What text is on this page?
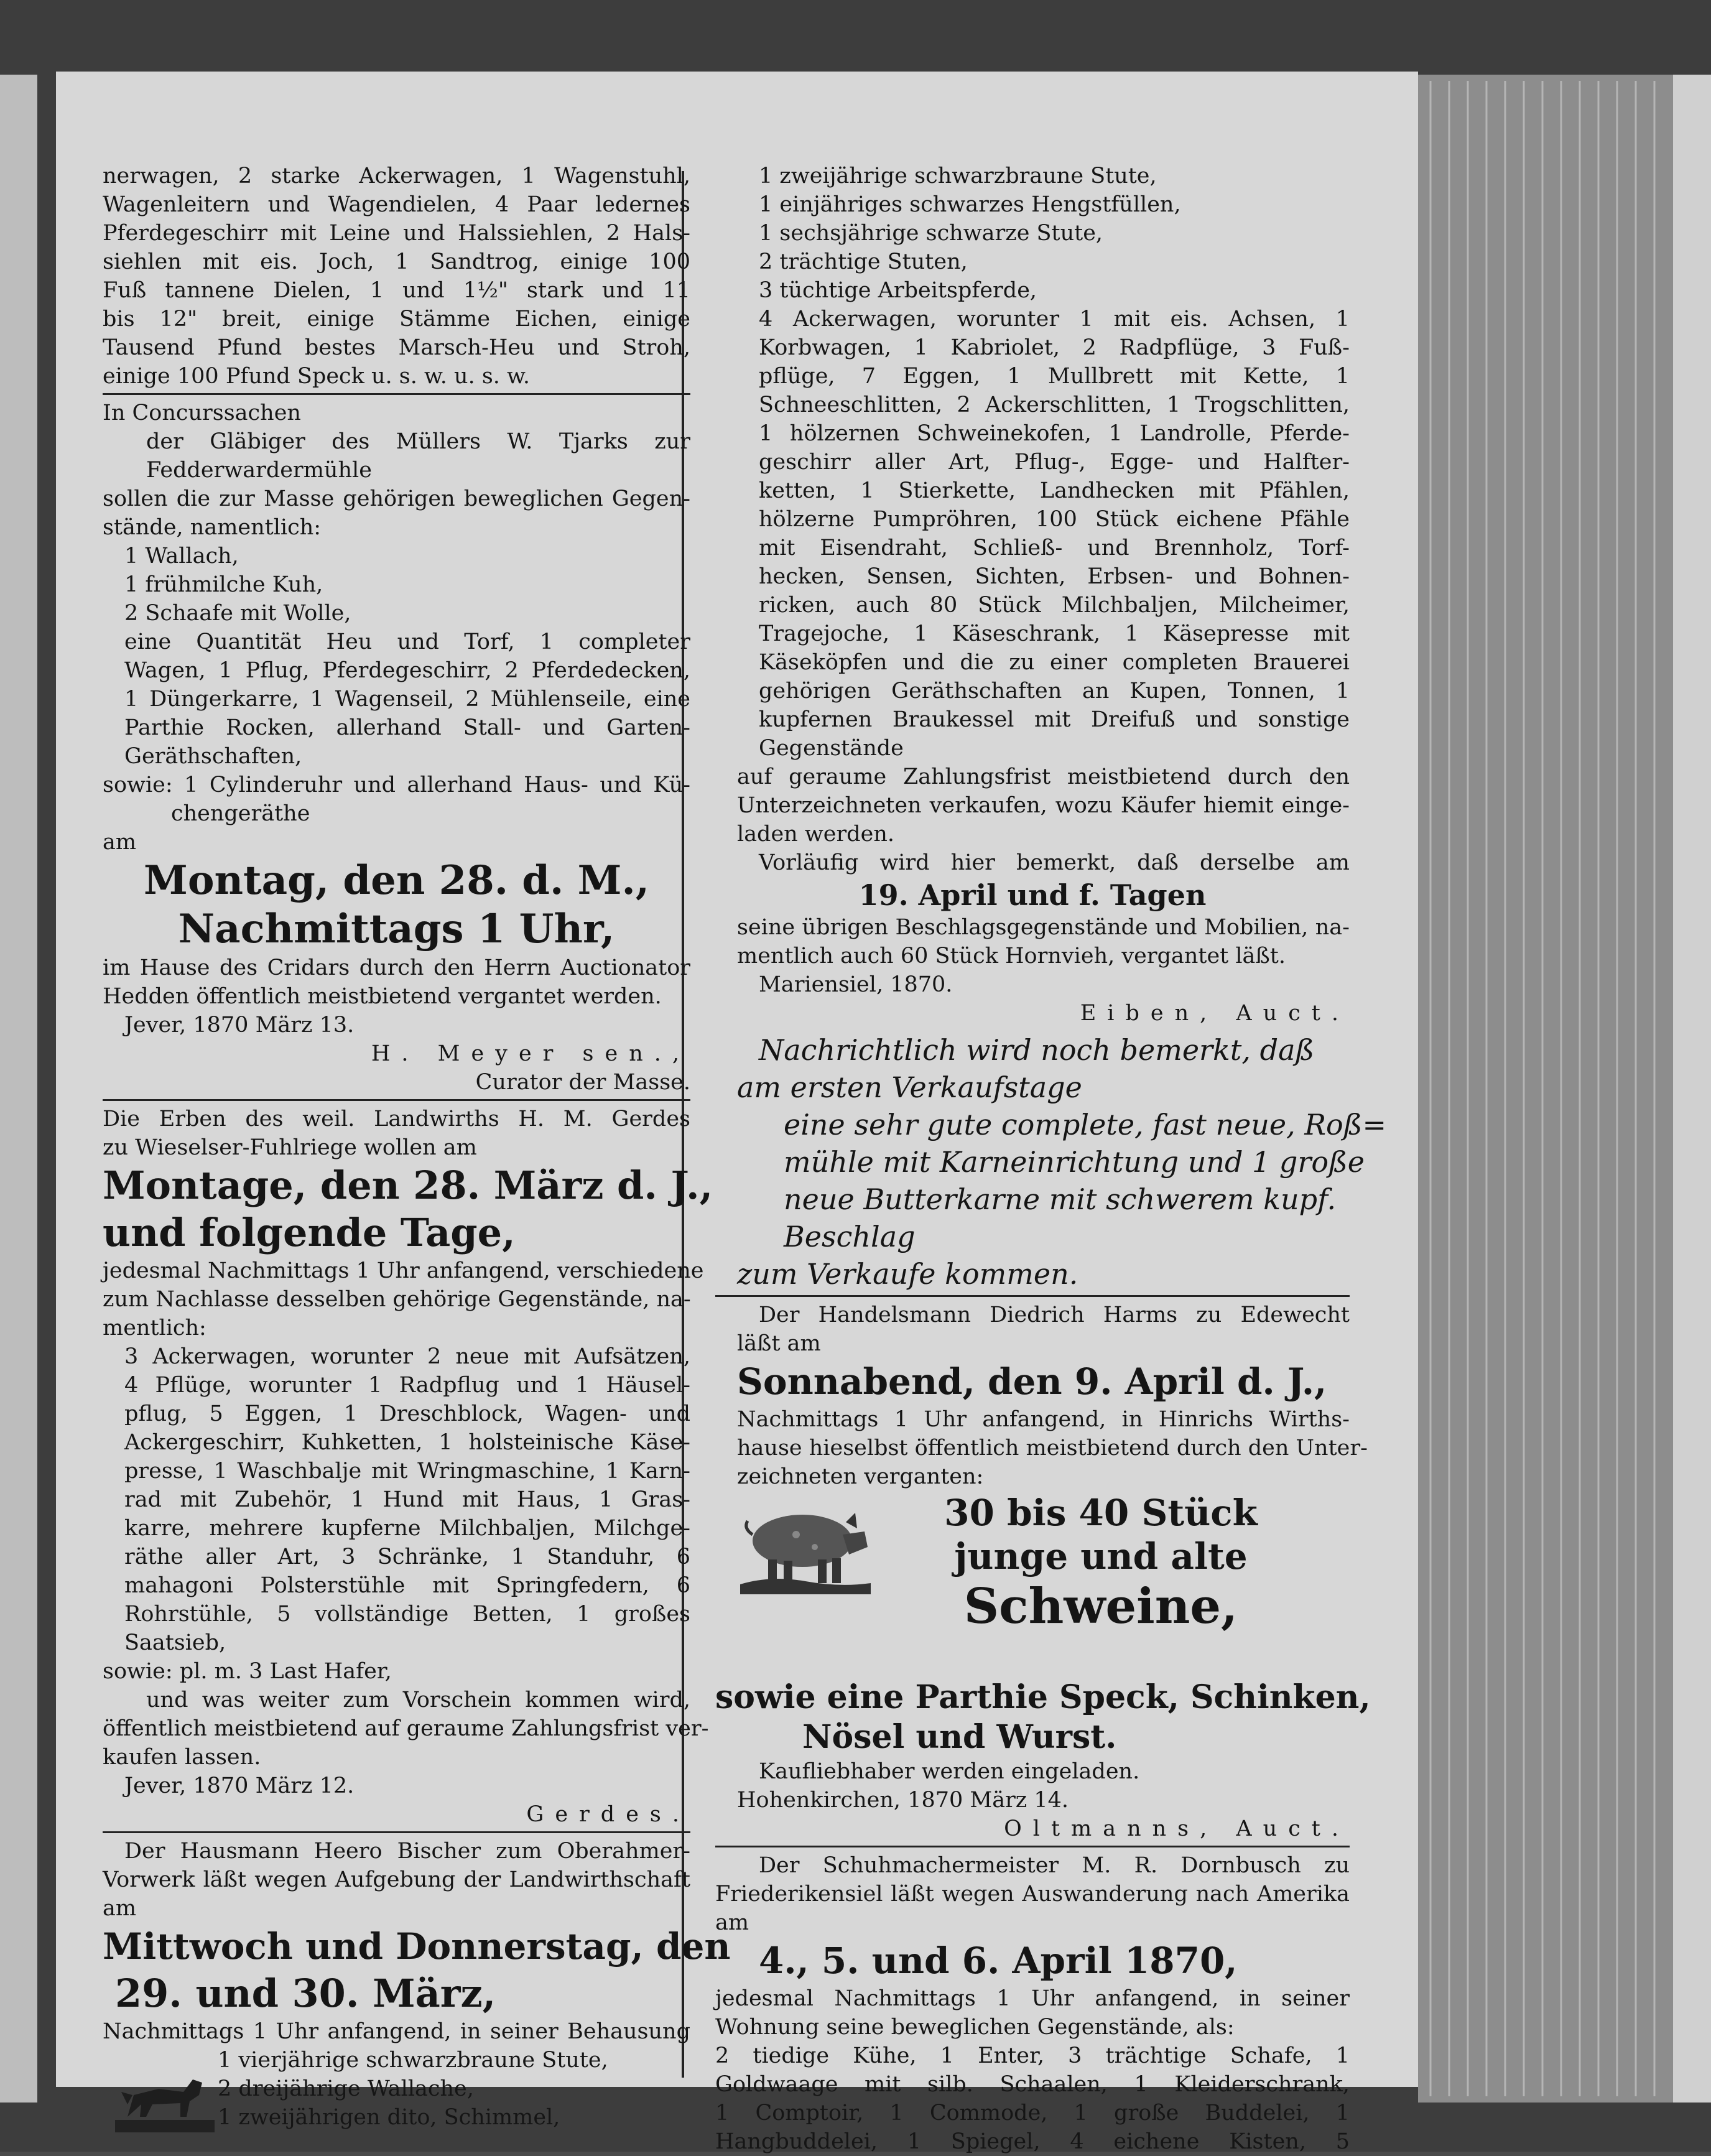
nerwagen, 2 starke Ackerwagen, 1 Wagenstuhl,
Wagenleitern und Wagendielen, 4 Paar ledernes
Pferdegeschirr mit Leine und Halssiehlen, 2 Hals-
siehlen mit eis. Joch, 1 Sandtrog, einige 100
Fuß tannene Dielen, 1 und 1½" stark und 11
bis 12" breit, einige Stämme Eichen, einige
Tausend Pfund bestes Marsch-Heu und Stroh,
einige 100 Pfund Speck u. s. w. u. s. w.
In Concurssachen
der Gläbiger des Müllers W. Tjarks zur
Fedderwardermühle
sollen die zur Masse gehörigen beweglichen Gegen-
stände, namentlich:
1 Wallach,
1 frühmilche Kuh,
2 Schaafe mit Wolle,
eine Quantität Heu und Torf, 1 completer
Wagen, 1 Pflug, Pferdegeschirr, 2 Pferdedecken,
1 Düngerkarre, 1 Wagenseil, 2 Mühlenseile, eine
Parthie Rocken, allerhand Stall- und Garten-
Geräthschaften,
sowie: 1 Cylinderuhr und allerhand Haus- und Kü-
chengeräthe
am
Montag, den 28. d. M.,
Nachmittags 1 Uhr,
im Hause des Cridars durch den Herrn Auctionator
Hedden öffentlich meistbietend vergantet werden.
Jever, 1870 März 13.
H. Meyer sen.,
Curator der Masse.
Die Erben des weil. Landwirths H. M. Gerdes
zu Wieselser-Fuhlriege wollen am
Montage, den 28. März d. J.,
und folgende Tage,
jedesmal Nachmittags 1 Uhr anfangend, verschiedene
zum Nachlasse desselben gehörige Gegenstände, na-
mentlich:
3 Ackerwagen, worunter 2 neue mit Aufsätzen,
4 Pflüge, worunter 1 Radpflug und 1 Häusel-
pflug, 5 Eggen, 1 Dreschblock, Wagen- und
Ackergeschirr, Kuhketten, 1 holsteinische Käse-
presse, 1 Waschbalje mit Wringmaschine, 1 Karn-
rad mit Zubehör, 1 Hund mit Haus, 1 Gras-
karre, mehrere kupferne Milchbaljen, Milchge-
räthe aller Art, 3 Schränke, 1 Standuhr, 6
mahagoni Polsterstühle mit Springfedern, 6
Rohrstühle, 5 vollständige Betten, 1 großes
Saatsieb,
sowie: pl. m. 3 Last Hafer,
und was weiter zum Vorschein kommen wird,
öffentlich meistbietend auf geraume Zahlungsfrist ver-
kaufen lassen.
Jever, 1870 März 12.
Gerdes.
Der Hausmann Heero Bischer zum Oberahmer-
Vorwerk läßt wegen Aufgebung der Landwirthschaft
am
Mittwoch und Donnerstag, den
29. und 30. März,
Nachmittags 1 Uhr anfangend, in seiner Behausung
1 vierjährige schwarzbraune Stute,
2 dreijährige Wallache,
1 zweijährigen dito, Schimmel,
1 zweijährige schwarzbraune Stute,
1 einjähriges schwarzes Hengstfüllen,
1 sechsjährige schwarze Stute,
2 trächtige Stuten,
3 tüchtige Arbeitspferde,
4 Ackerwagen, worunter 1 mit eis. Achsen, 1
Korbwagen, 1 Kabriolet, 2 Radpflüge, 3 Fuß-
pflüge, 7 Eggen, 1 Mullbrett mit Kette, 1
Schneeschlitten, 2 Ackerschlitten, 1 Trogschlitten,
1 hölzernen Schweinekofen, 1 Landrolle, Pferde-
geschirr aller Art, Pflug-, Egge- und Halfter-
ketten, 1 Stierkette, Landhecken mit Pfählen,
hölzerne Pumpröhren, 100 Stück eichene Pfähle
mit Eisendraht, Schließ- und Brennholz, Torf-
hecken, Sensen, Sichten, Erbsen- und Bohnen-
ricken, auch 80 Stück Milchbaljen, Milcheimer,
Tragejoche, 1 Käseschrank, 1 Käsepresse mit
Käseköpfen und die zu einer completen Brauerei
gehörigen Geräthschaften an Kupen, Tonnen, 1
kupfernen Braukessel mit Dreifuß und sonstige
Gegenstände
auf geraume Zahlungsfrist meistbietend durch den
Unterzeichneten verkaufen, wozu Käufer hiemit einge-
laden werden.
Vorläufig wird hier bemerkt, daß derselbe am
19. April und f. Tagen
seine übrigen Beschlagsgegenstände und Mobilien, na-
mentlich auch 60 Stück Hornvieh, vergantet läßt.
Mariensiel, 1870.
Eiben, Auct.
Nachrichtlich wird noch bemerkt, daß
am ersten Verkaufstage
eine sehr gute complete, fast neue, Roß=
mühle mit Karneinrichtung und 1 große
neue Butterkarne mit schwerem kupf.
Beschlag
zum Verkaufe kommen.
Der Handelsmann Diedrich Harms zu Edewecht
läßt am
Sonnabend, den 9. April d. J.,
Nachmittags 1 Uhr anfangend, in Hinrichs Wirths-
hause hieselbst öffentlich meistbietend durch den Unter-
zeichneten verganten:
30 bis 40 Stück
junge und alte
Schweine,
sowie eine Parthie Speck, Schinken,
Nösel und Wurst.
Kaufliebhaber werden eingeladen.
Hohenkirchen, 1870 März 14.
Oltmanns, Auct.
Der Schuhmachermeister M. R. Dornbusch zu
Friederikensiel läßt wegen Auswanderung nach Amerika
am
4., 5. und 6. April 1870,
jedesmal Nachmittags 1 Uhr anfangend, in seiner
Wohnung seine beweglichen Gegenstände, als:
2 tiedige Kühe, 1 Enter, 3 trächtige Schafe, 1
Goldwaage mit silb. Schaalen, 1 Kleiderschrank,
1 Comptoir, 1 Commode, 1 große Buddelei, 1
Hangbuddelei, 1 Spiegel, 4 eichene Kisten, 5
